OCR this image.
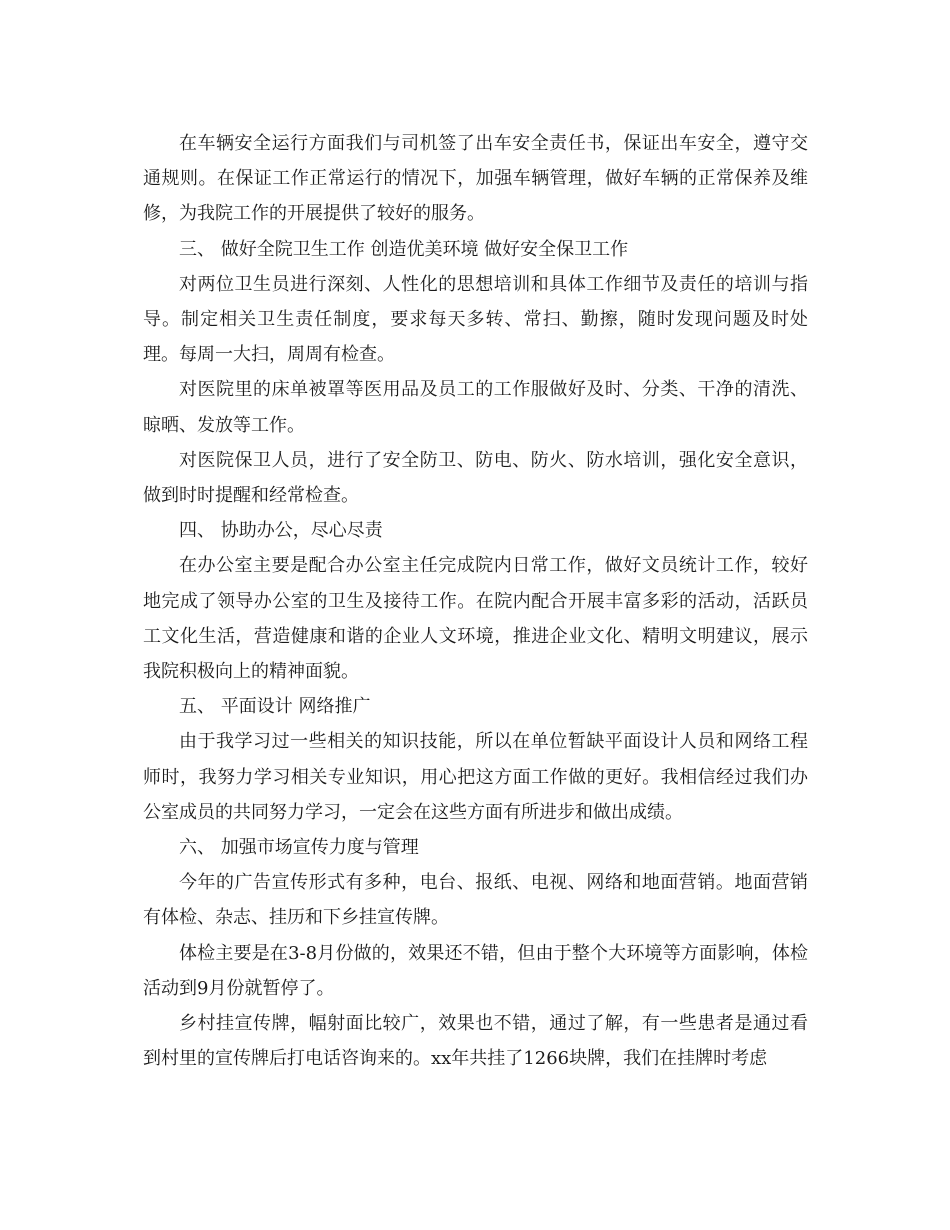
在车辆安全运行方面我们与司机签了出车安全责任书，保证出车安全，遵守交通规则。在保证工作正常运行的情况下，加强车辆管理，做好车辆的正常保养及维修，为我院工作的开展提供了较好的服务。

三、 做好全院卫生工作 创造优美环境 做好安全保卫工作

对两位卫生员进行深刻、人性化的思想培训和具体工作细节及责任的培训与指导。制定相关卫生责任制度，要求每天多转、常扫、勤擦，随时发现问题及时处理。每周一大扫，周周有检查。

对医院里的床单被罩等医用品及员工的工作服做好及时、分类、干净的清洗、晾晒、发放等工作。

对医院保卫人员，进行了安全防卫、防电、防火、防水培训，强化安全意识，做到时时提醒和经常检查。

四、 协助办公，尽心尽责

在办公室主要是配合办公室主任完成院内日常工作，做好文员统计工作，较好地完成了领导办公室的卫生及接待工作。在院内配合开展丰富多彩的活动，活跃员工文化生活，营造健康和谐的企业人文环境，推进企业文化、精明文明建议，展示我院积极向上的精神面貌。

五、 平面设计 网络推广

由于我学习过一些相关的知识技能，所以在单位暂缺平面设计人员和网络工程师时，我努力学习相关专业知识，用心把这方面工作做的更好。我相信经过我们办公室成员的共同努力学习，一定会在这些方面有所进步和做出成绩。

六、 加强市场宣传力度与管理

今年的广告宣传形式有多种，电台、报纸、电视、网络和地面营销。地面营销有体检、杂志、挂历和下乡挂宣传牌。

体检主要是在3-8月份做的，效果还不错，但由于整个大环境等方面影响，体检活动到9月份就暂停了。

乡村挂宣传牌，幅射面比较广，效果也不错，通过了解，有一些患者是通过看到村里的宣传牌后打电话咨询来的。xx年共挂了1266块牌，我们在挂牌时考虑
